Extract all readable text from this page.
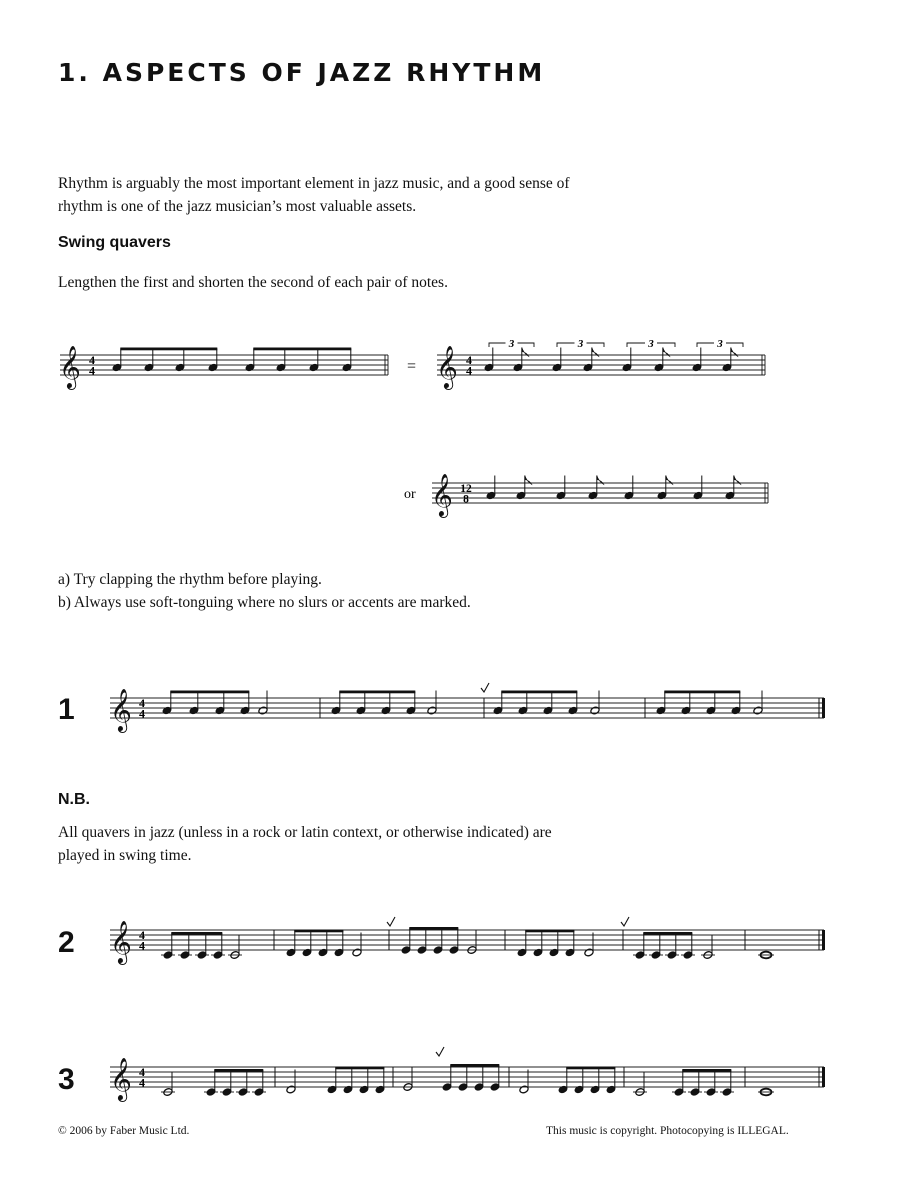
1. ASPECTS OF JAZZ RHYTHM
Rhythm is arguably the most important element in jazz music, and a good sense of
rhythm is one of the jazz musician’s most valuable assets.
Swing quavers
Lengthen the first and shorten the second of each pair of notes.
a) Try clapping the rhythm before playing.
b) Always use soft-tonguing where no slurs or accents are marked.
1
N.B.
All quavers in jazz (unless in a rock or latin context, or otherwise indicated) are
played in swing time.
2
3
© 2006 by Faber Music Ltd.	This music is copyright. Photocopying is ILLEGAL.
𝄞 4
4	= 𝄞 4
4
3	3	3	3
or 𝄞 12
8
𝄞 4
4
𝄞 4
4
𝄞 4
4
